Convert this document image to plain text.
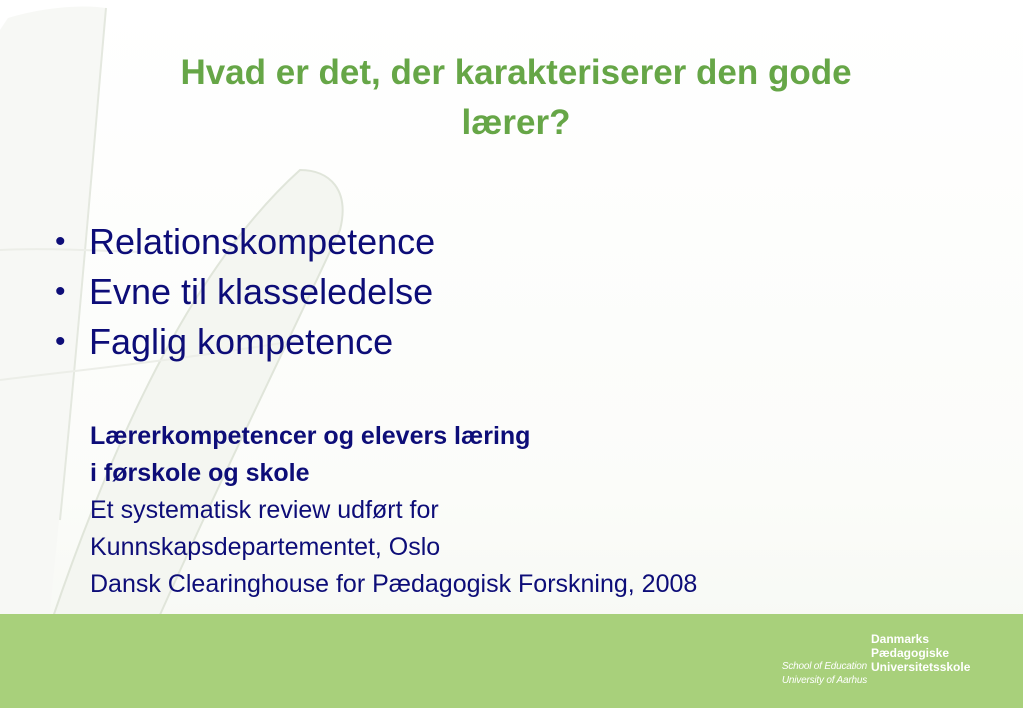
Hvad er det, der karakteriserer den gode
lærer?
• Relationskompetence
• Evne til klasseledelse
• Faglig kompetence
Lærerkompetencer og elevers læring
i førskole og skole
Et systematisk review udført for
Kunnskapsdepartementet, Oslo
Dansk Clearinghouse for Pædagogisk Forskning, 2008
School of Education
University of Aarhus
Danmarks
Pædagogiske
Universitetsskole
